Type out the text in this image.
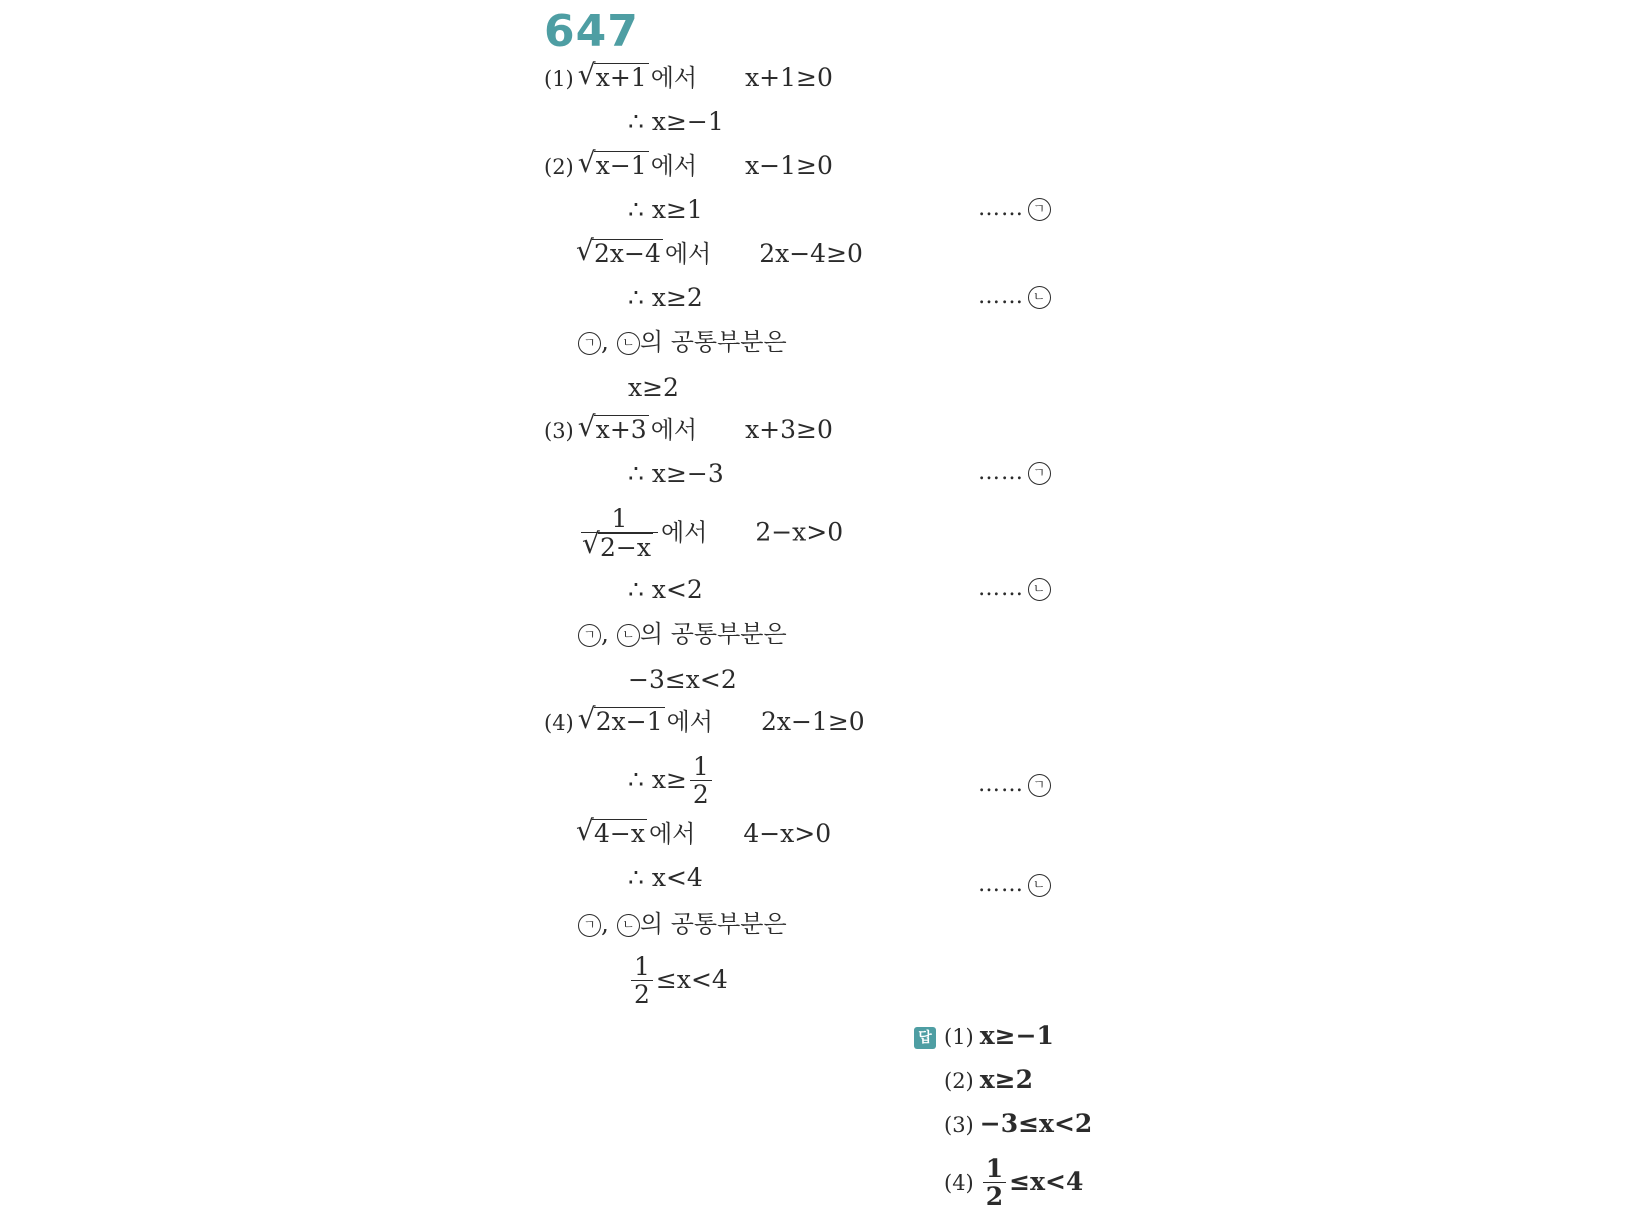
647
(1) √ x+1 에서 x+1≥0
∴ x≥−1
(2) √ x−1 에서 x−1≥0
∴ x≥1	…… ㄱ
√ 2x−4 에서 2x−4≥0
∴ x≥2	…… ㄴ
ㄱ , ㄴ 의 공통부분은
x≥2
(3) √ x+3 에서 x+3≥0
∴ x≥−3	…… ㄱ
1
√ 2−x 에서 2−x>0
∴ x<2	…… ㄴ
ㄱ , ㄴ 의 공통부분은
−3≤x<2
(4) √ 2x−1 에서 2x−1≥0
∴ $x\ge \frac{1}{2}$	…… ㄱ
√ 4−x 에서 4−x>0
∴ x<4	…… ㄴ
ㄱ , ㄴ 의 공통부분은
$\frac{1}{2} \le x<4$
답 (1) x≥−1
(2) x≥2
(3) −3≤x<2
$(4) \frac{1}{2} \le x<4$
